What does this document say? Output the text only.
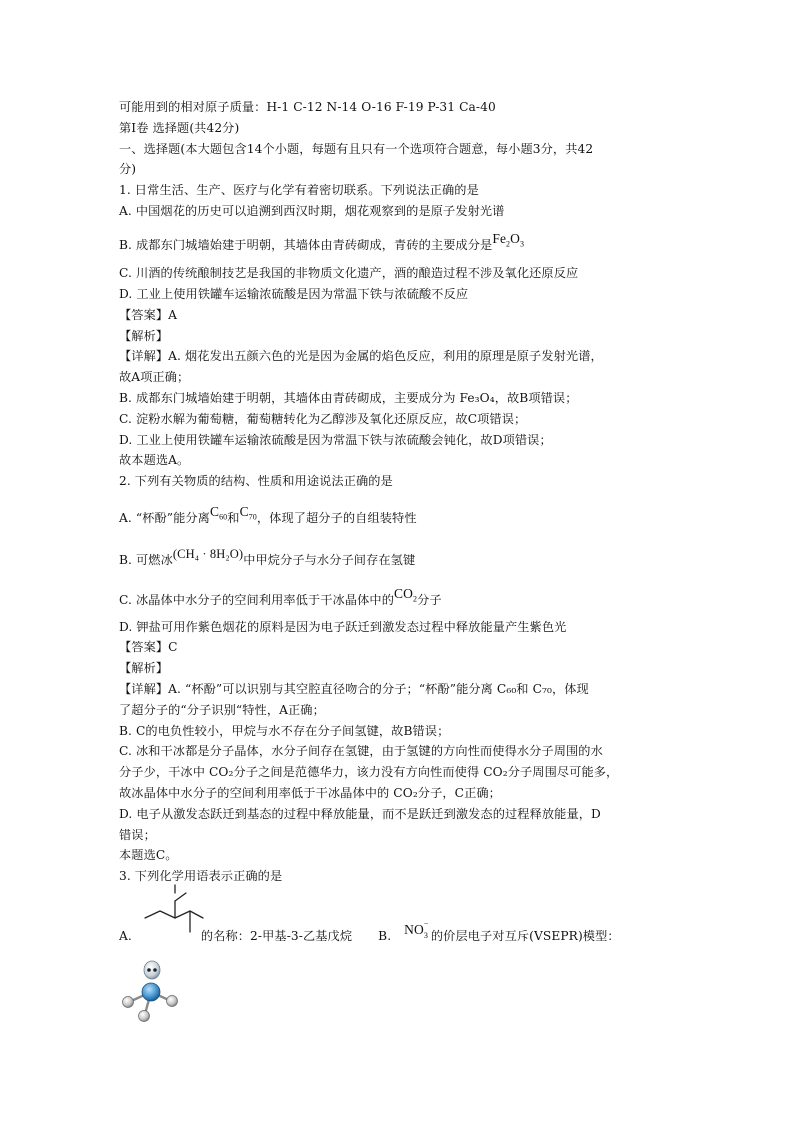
可能用到的相对原子质量：H-1 C-12 N-14 O-16 F-19 P-31 Ca-40
第Ⅰ卷 选择题(共42分)
一、选择题(本大题包含14个小题，每题有且只有一个选项符合题意，每小题3分，共42
分)
1. 日常生活、生产、医疗与化学有着密切联系。下列说法正确的是
A. 中国烟花的历史可以追溯到西汉时期，烟花观察到的是原子发射光谱
B. 成都东门城墙始建于明朝，其墙体由青砖砌成，青砖的主要成分是$Fe_2O_3$
C. 川酒的传统酿制技艺是我国的非物质文化遗产，酒的酿造过程不涉及氧化还原反应
D. 工业上使用铁罐车运输浓硫酸是因为常温下铁与浓硫酸不反应
【答案】A
【解析】
【详解】A. 烟花发出五颜六色的光是因为金属的焰色反应，利用的原理是原子发射光谱，
故A项正确；
B. 成都东门城墙始建于明朝，其墙体由青砖砌成，主要成分为 Fe₃O₄，故B项错误；
C. 淀粉水解为葡萄糖，葡萄糖转化为乙醇涉及氧化还原反应，故C项错误；
D. 工业上使用铁罐车运输浓硫酸是因为常温下铁与浓硫酸会钝化，故D项错误；
故本题选A。
2. 下列有关物质的结构、性质和用途说法正确的是
A. “杯酚”能分离$C_{60}$和$C_{70}$，体现了超分子的自组装特性
B. 可燃冰(CH₄ · 8H₂O)中甲烷分子与水分子间存在氢键
C. 冰晶体中水分子的空间利用率低于干冰晶体中的$CO_2$分子
D. 钾盐可用作紫色烟花的原料是因为电子跃迁到激发态过程中释放能量产生紫色光
【答案】C
【解析】
【详解】A. “杯酚”可以识别与其空腔直径吻合的分子；“杯酚”能分离 C₆₀和 C₇₀，体现
了超分子的“分子识别“特性，A正确；
B. C的电负性较小，甲烷与水不存在分子间氢键，故B错误；
C. 冰和干冰都是分子晶体，水分子间存在氢键，由于氢键的方向性而使得水分子周围的水
分子少，干冰中 CO₂分子之间是范德华力，该力没有方向性而使得 CO₂分子周围尽可能多，
故冰晶体中水分子的空间利用率低于干冰晶体中的 CO₂分子，C正确；
D. 电子从激发态跃迁到基态的过程中释放能量，而不是跃迁到激发态的过程释放能量，D
错误；
本题选C。
3. 下列化学用语表示正确的是
A.	的名称：2-甲基-3-乙基戊烷 B. NO −
3 的价层电子对互斥(VSEPR)模型：
